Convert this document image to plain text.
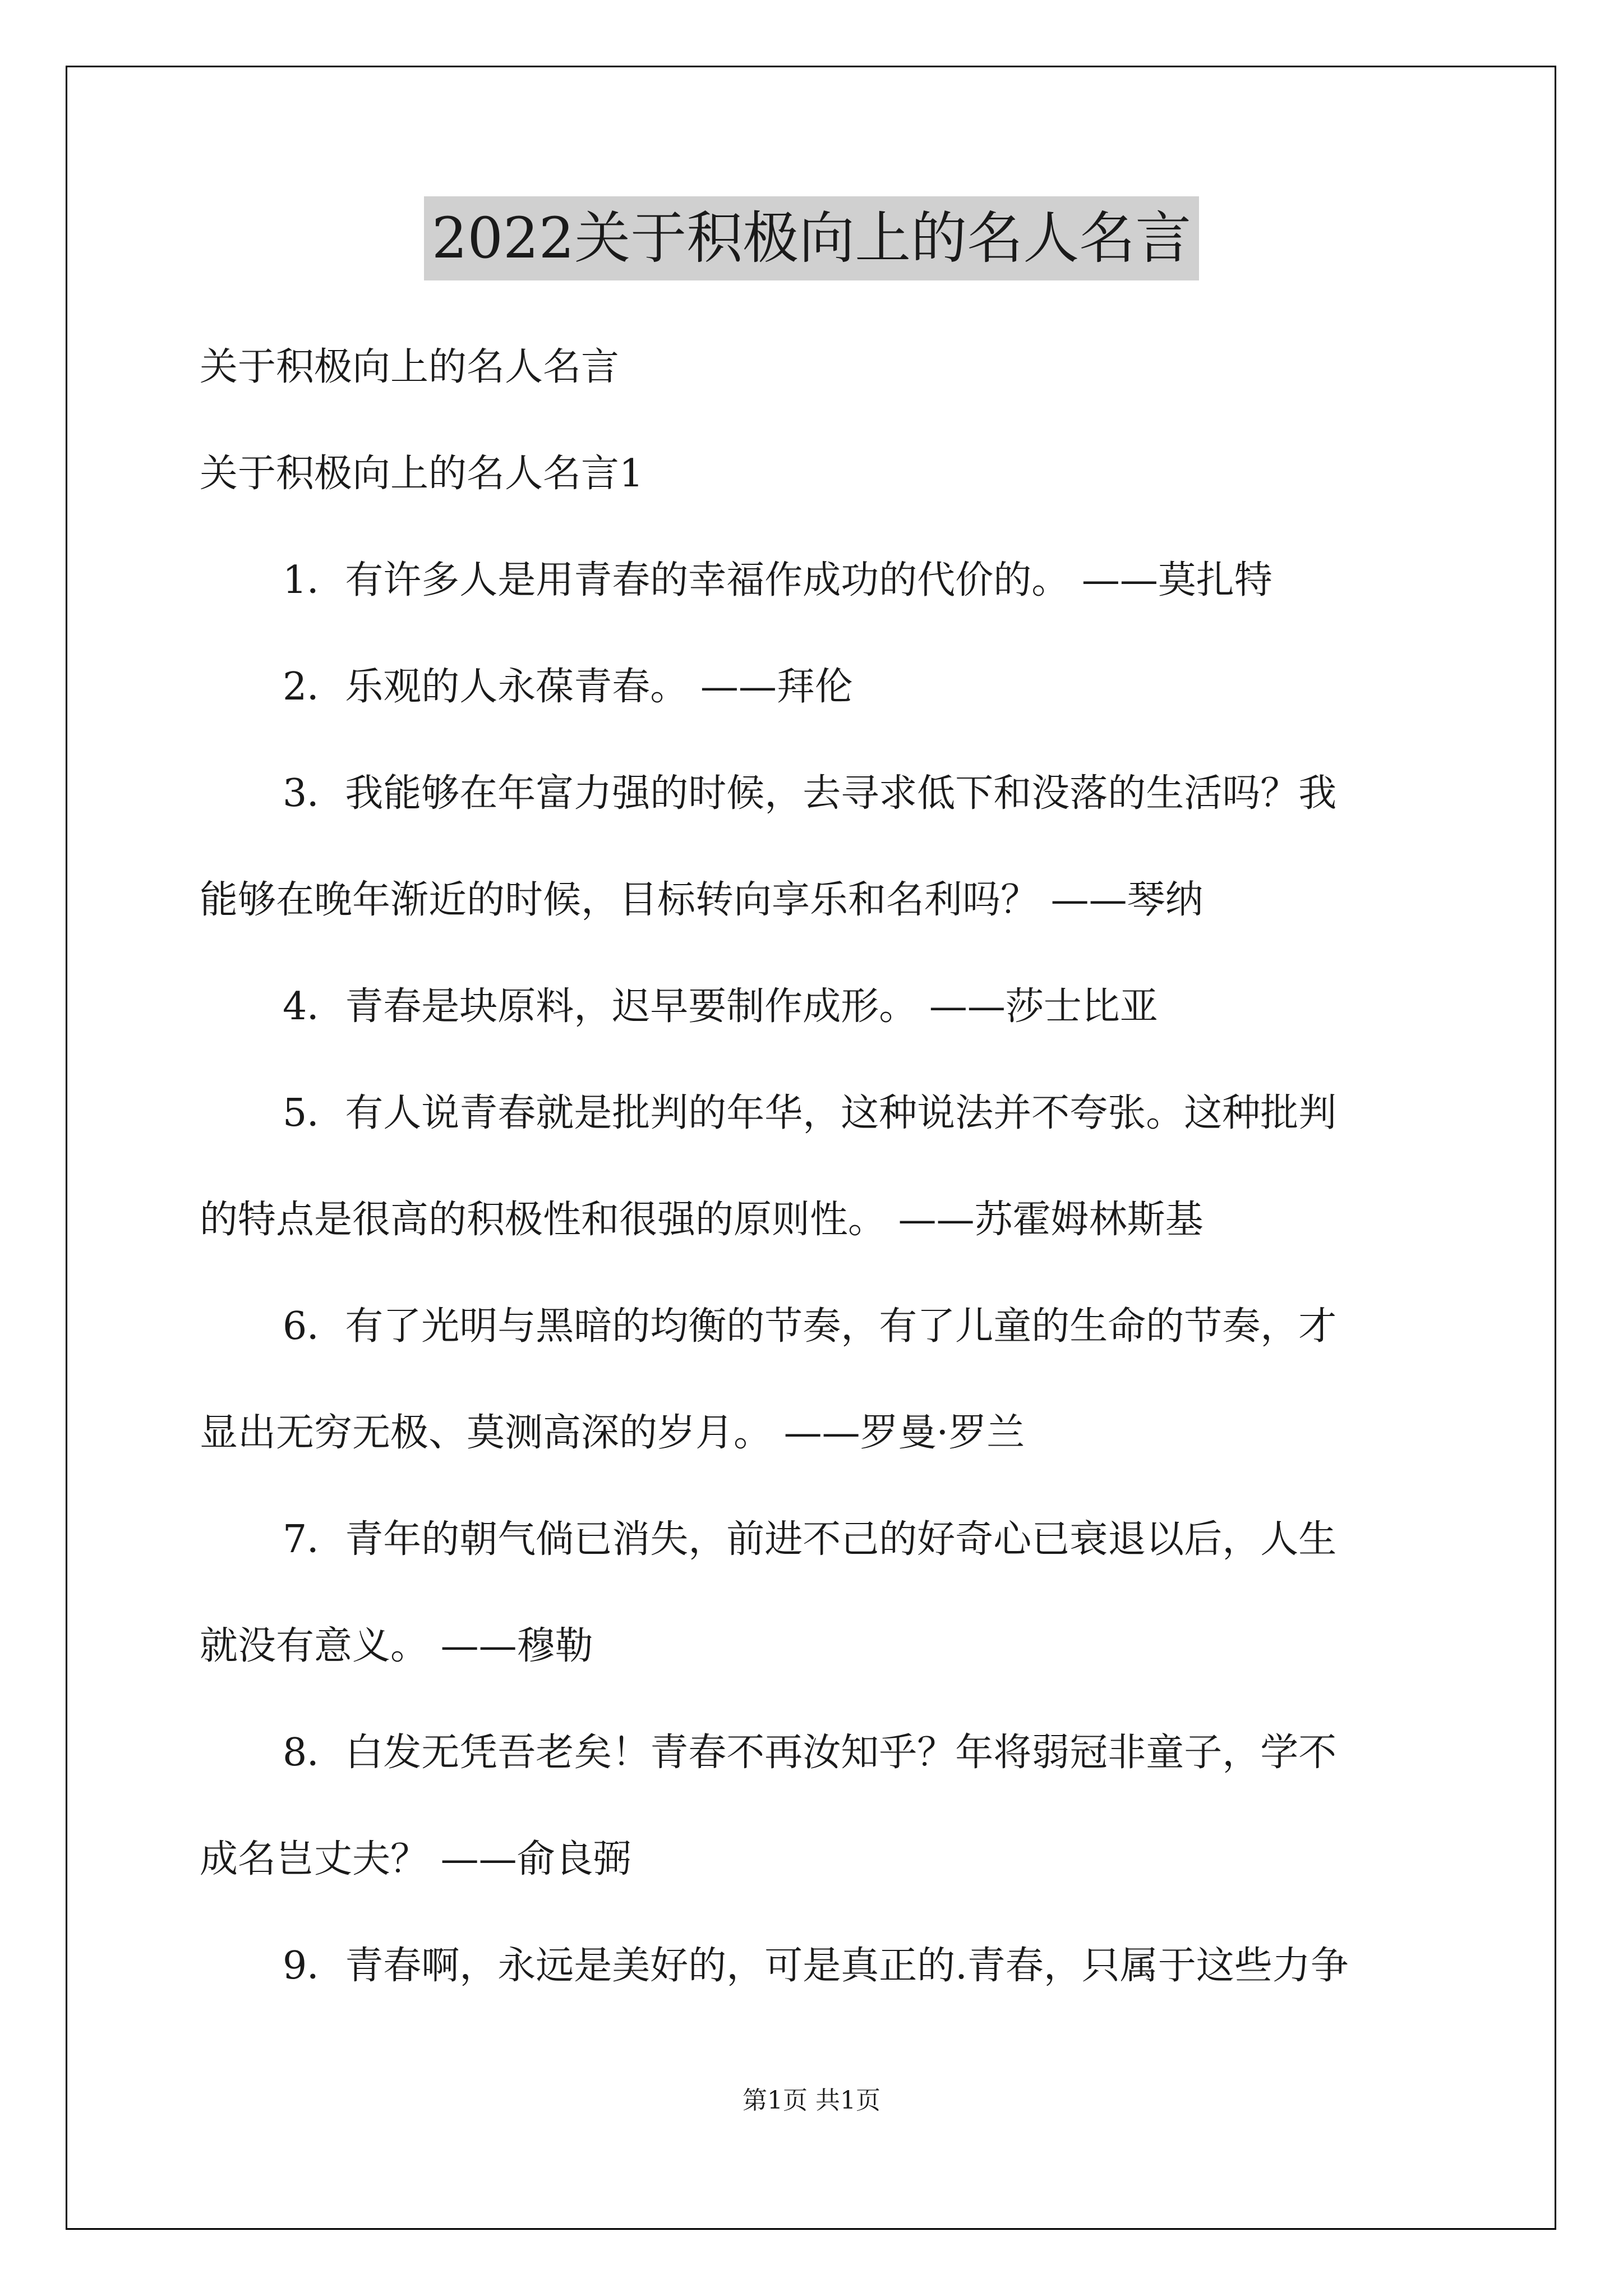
2022关于积极向上的名人名言

关于积极向上的名人名言

关于积极向上的名人名言1

1．有许多人是用青春的幸福作成功的代价的。 ——莫扎特

2．乐观的人永葆青春。 ——拜伦

3．我能够在年富力强的时候，去寻求低下和没落的生活吗？我

能够在晚年渐近的时候，目标转向享乐和名利吗？ ——琴纳

4．青春是块原料，迟早要制作成形。 ——莎士比亚

5．有人说青春就是批判的年华，这种说法并不夸张。这种批判

的特点是很高的积极性和很强的原则性。 ——苏霍姆林斯基

6．有了光明与黑暗的均衡的节奏，有了儿童的生命的节奏，才

显出无穷无极、莫测高深的岁月。 ——罗曼·罗兰

7．青年的朝气倘已消失，前进不己的好奇心已衰退以后，人生

就没有意义。 ——穆勒

8．白发无凭吾老矣！青春不再汝知乎？年将弱冠非童子，学不

成名岂丈夫？ ——俞良弼

9．青春啊，永远是美好的，可是真正的.青春，只属于这些力争

第1页 共1页
